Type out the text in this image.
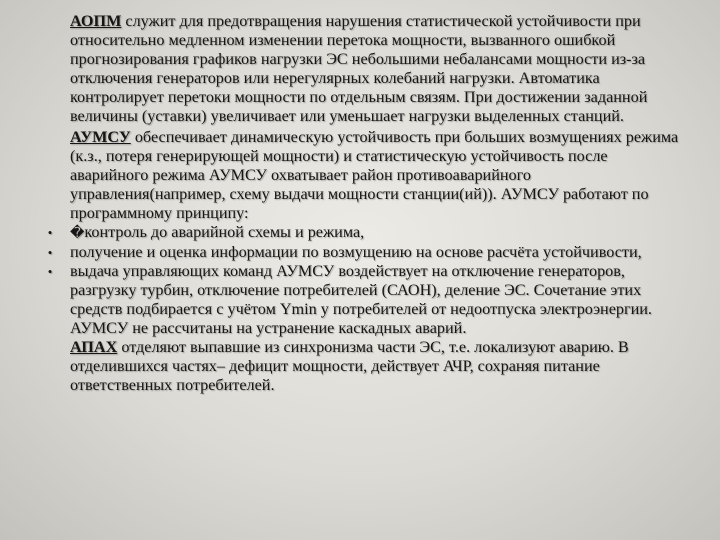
АОПМ служит для предотвращения нарушения статистической устойчивости при относительно медленном изменении перетока мощности, вызванного ошибкой прогнозирования графиков нагрузки ЭС небольшими небалансами мощности из-за отключения генераторов или нерегулярных колебаний нагрузки. Автоматика контролирует перетоки мощности по отдельным связям. При достижении заданной величины (уставки) увеличивает или уменьшает нагрузки выделенных станций.

АУМСУ обеспечивает динамическую устойчивость при больших возмущениях режима (к.з., потеря генерирующей мощности) и статистическую устойчивость после аварийного режима АУМСУ охватывает район противоаварийного управления(например, схему выдачи мощности станции(ий)). АУМСУ работают по программному принципу:

• �контроль до аварийной схемы и режима,
• получение и оценка информации по возмущению на основе расчёта устойчивости,
• выдача управляющих команд АУМСУ воздействует на отключение генераторов, разгрузку турбин, отключение потребителей (САОН), деление ЭС. Сочетание этих средств подбирается с учётом Ymin у потребителей от недоотпуска электроэнергии. АУМСУ не рассчитаны на устранение каскадных аварий.

АПАХ отделяют выпавшие из синхронизма части ЭС, т.е. локализуют аварию. В отделившихся частях– дефицит мощности, действует АЧР, сохраняя питание ответственных потребителей.
